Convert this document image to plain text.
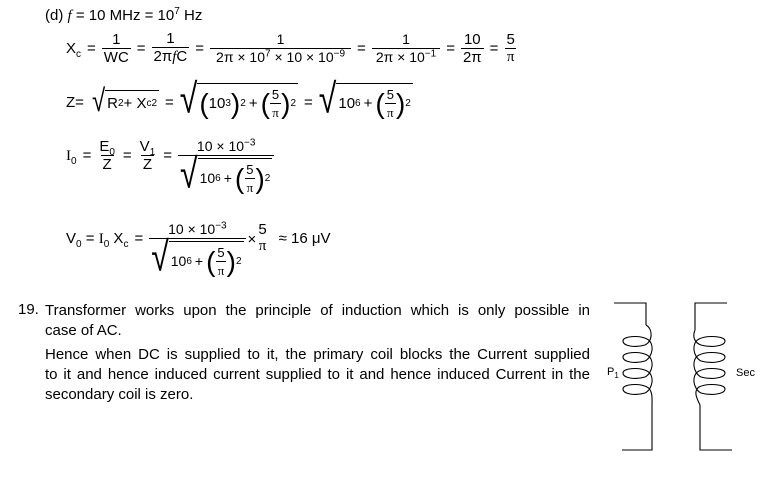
(d) f = 10 MHz = $10^7$ Hz
$X_c = \frac{1}{WC} = \frac{1}{\text{2πfC}} = \frac{1}{2\pi \times 10^7 \times 10 \times 10^{-9}} = \frac{1}{2\pi \times 10^{-1}} = \frac{10}{2\pi} = \frac{5}{\pi}$
Z= √ R 2 + X c 2 = √ ( 10 3 ) 2 + ( $\frac{5}{\pi}$ ) 2 = √ 10 6 + ( $\frac{5}{\pi}$ ) 2
$I_0 = \frac{E_0}{Z} = \frac{V_1}{Z} = \frac{10 \times 10^{-3}}{√ 10 6 + ( \frac{5}{\pi} ) 2}$
$V_0 = I_0$ $X_c = \frac{10 \times 10^{-3}}{√ 10 6 + ( \frac{5}{\pi} ) 2}$ ×
5
π ≈ 16 μV
19. Transformer works upon the principle of induction which is only possible in
case of AC.
Hence when DC is supplied to it, the primary coil blocks the Current supplied
to it and hence induced current supplied to it and hence induced Current in the
secondary coil is zero.
$P_1$	Sec
